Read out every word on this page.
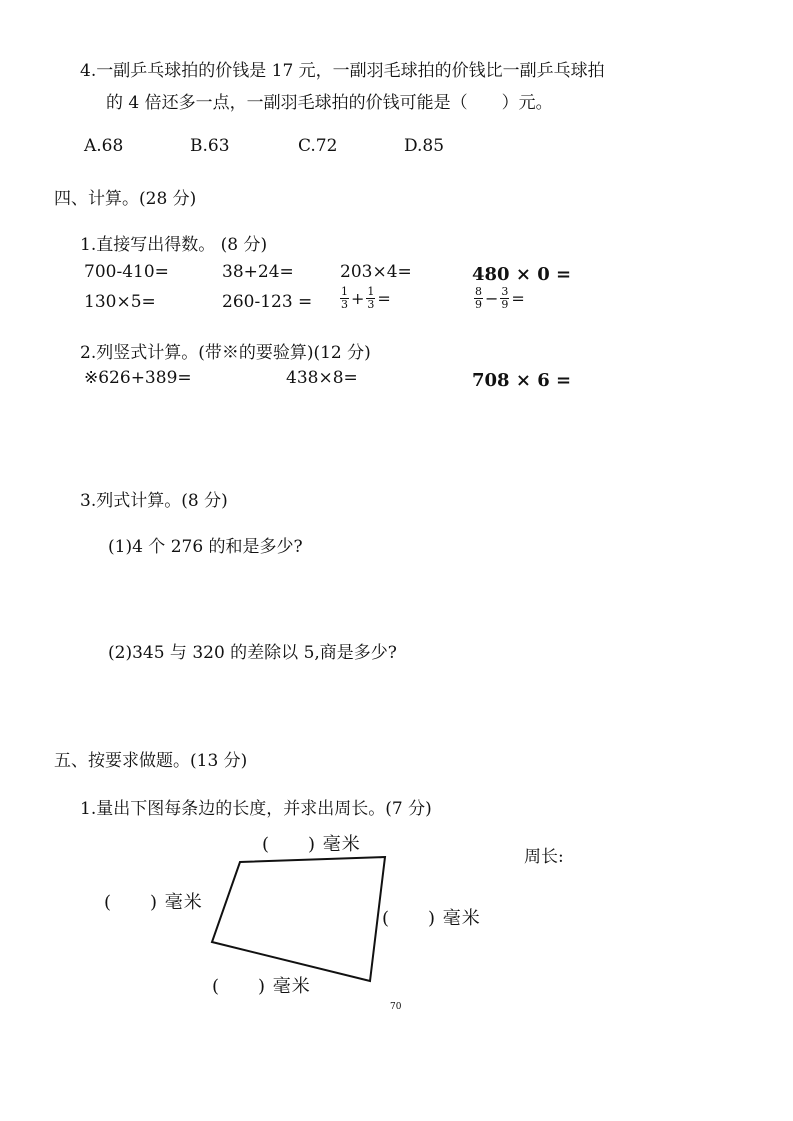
4.一副乒乓球拍的价钱是 17 元，一副羽毛球拍的价钱比一副乒乓球拍
的 4 倍还多一点，一副羽毛球拍的价钱可能是（　　）元。
A.68	B.63	C.72	D.85
四、计算。(28 分)
1.直接写出得数。 (8 分)
700-410=	38+24=	203×4=	480 × 0 =
130×5=	260-123 =	$\frac{1}{3} + \frac{1}{3}$ =	$\frac{8}{9} - \frac{3}{9}$ =
2.列竖式计算。(带※的要验算)(12 分)
※626+389=	438×8=	708 × 6 =
3.列式计算。(8 分)
(1)4 个 276 的和是多少?
(2)345 与 320 的差除以 5,商是多少?
五、按要求做题。(13 分)
1.量出下图每条边的长度，并求出周长。(7 分)
(　　) 毫米
(　　) 毫米
(　　) 毫米
(　　) 毫米
周长:
70
